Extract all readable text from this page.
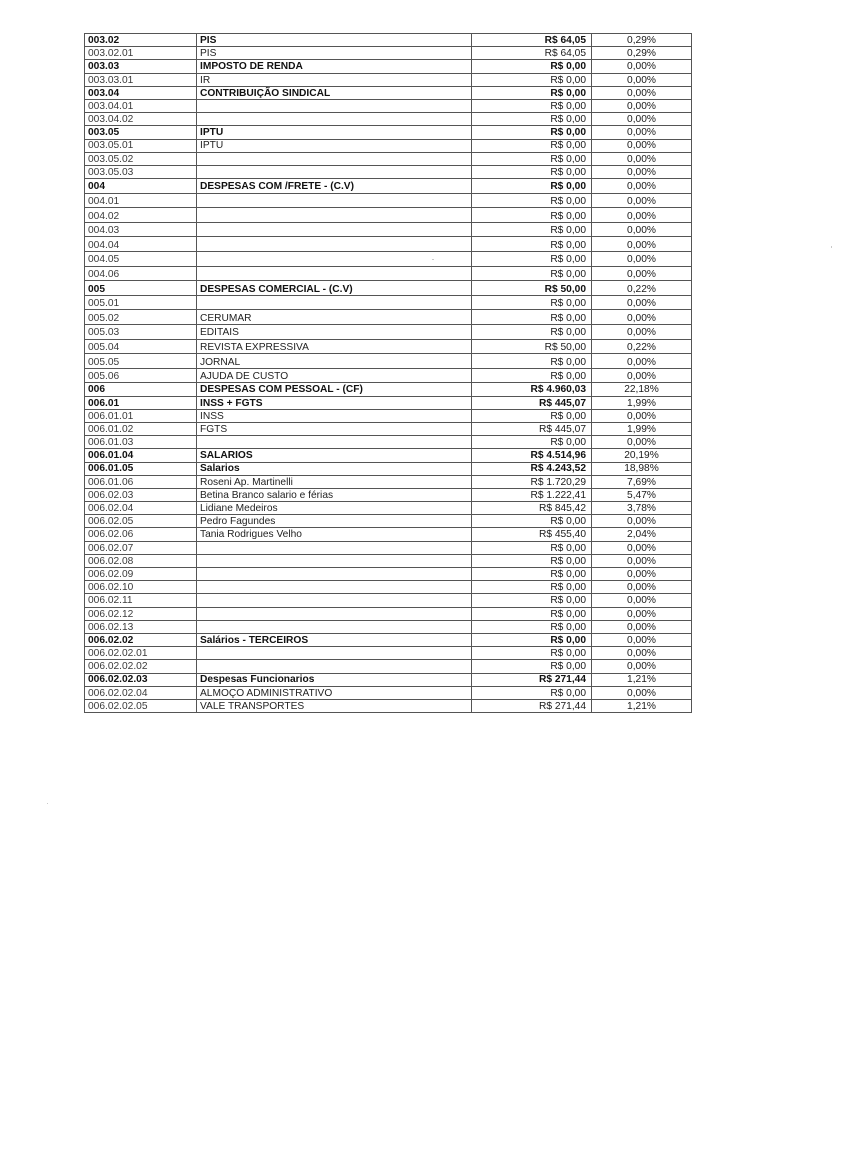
003.02	PIS	R$ 64,05	0,29%
003.02.01	PIS	R$ 64,05	0,29%
003.03	IMPOSTO DE RENDA	R$ 0,00	0,00%
003.03.01	IR	R$ 0,00	0,00%
003.04	CONTRIBUIÇÃO SINDICAL	R$ 0,00	0,00%
003.04.01		R$ 0,00	0,00%
003.04.02		R$ 0,00	0,00%
003.05	IPTU	R$ 0,00	0,00%
003.05.01	IPTU	R$ 0,00	0,00%
003.05.02		R$ 0,00	0,00%
003.05.03		R$ 0,00	0,00%
004	DESPESAS COM /FRETE - (C.V)	R$ 0,00	0,00%
004.01		R$ 0,00	0,00%
004.02		R$ 0,00	0,00%
004.03		R$ 0,00	0,00%
004.04		R$ 0,00	0,00%
004.05		R$ 0,00	0,00%
004.06		R$ 0,00	0,00%
005	DESPESAS COMERCIAL - (C.V)	R$ 50,00	0,22%
005.01		R$ 0,00	0,00%
005.02	CERUMAR	R$ 0,00	0,00%
005.03	EDITAIS	R$ 0,00	0,00%
005.04	REVISTA EXPRESSIVA	R$ 50,00	0,22%
005.05	JORNAL	R$ 0,00	0,00%
005.06	AJUDA DE CUSTO	R$ 0,00	0,00%
006	DESPESAS COM PESSOAL - (CF)	R$ 4.960,03	22,18%
006.01	INSS + FGTS	R$ 445,07	1,99%
006.01.01	INSS	R$ 0,00	0,00%
006.01.02	FGTS	R$ 445,07	1,99%
006.01.03		R$ 0,00	0,00%
006.01.04	SALARIOS	R$ 4.514,96	20,19%
006.01.05	Salarios	R$ 4.243,52	18,98%
006.01.06	Roseni Ap. Martinelli	R$ 1.720,29	7,69%
006.02.03	Betina Branco salario e férias	R$ 1.222,41	5,47%
006.02.04	Lidiane Medeiros	R$ 845,42	3,78%
006.02.05	Pedro Fagundes	R$ 0,00	0,00%
006.02.06	Tania Rodrigues Velho	R$ 455,40	2,04%
006.02.07		R$ 0,00	0,00%
006.02.08		R$ 0,00	0,00%
006.02.09		R$ 0,00	0,00%
006.02.10		R$ 0,00	0,00%
006.02.11		R$ 0,00	0,00%
006.02.12		R$ 0,00	0,00%
006.02.13		R$ 0,00	0,00%
006.02.02	Salários - TERCEIROS	R$ 0,00	0,00%
006.02.02.01		R$ 0,00	0,00%
006.02.02.02		R$ 0,00	0,00%
006.02.02.03	Despesas Funcionarios	R$ 271,44	1,21%
006.02.02.04	ALMOÇO ADMINISTRATIVO	R$ 0,00	0,00%
006.02.02.05	VALE TRANSPORTES	R$ 271,44	1,21%
